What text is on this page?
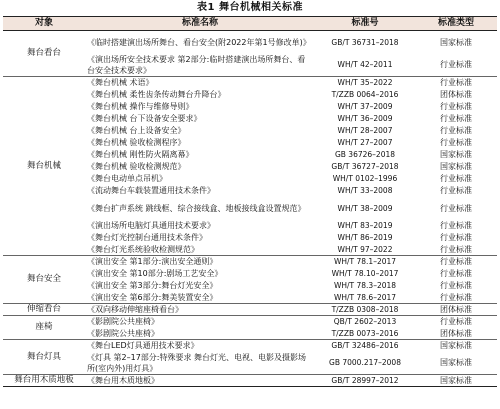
表1 舞台机械相关标准
对象	标准名称	标准号	标准类型
舞台看台	《临时搭建演出场所舞台、看台安全(附2022年第1号修改单)》	GB/T 36731–2018	国家标准
	《演出场所安全技术要求 第2部分:临时搭建演出场所舞台、看台安全技术要求》	WH/T 42–2011	行业标准
舞台机械	《舞台机械 术语》	WH/T 35–2022	行业标准
	《舞台机械 柔性齿条传动舞台升降台》	T/ZZB 0064–2016	团体标准
	《舞台机械 操作与维修导则》	WH/T 37–2009	行业标准
	《舞台机械 台下设备安全要求》	WH/T 36–2009	行业标准
	《舞台机械 台上设备安全》	WH/T 28–2007	行业标准
	《舞台机械 验收检测程序》	WH/T 27–2007	行业标准
	《舞台机械 刚性防火隔离幕》	GB 36726–2018	国家标准
	《舞台机械 验收检测规范》	GB/T 36727–2018	国家标准
	《舞台电动单点吊机》	WH/T 0102–1996	行业标准
	《流动舞台车载装置通用技术条件》	WH/T 33–2008	行业标准
	《舞台扩声系统 跳线框、综合接线盒、地板接线盒设置规范》	WH/T 38–2009	行业标准
	《演出场所电脑灯具通用技术要求》	WH/T 83–2019	行业标准
	《舞台灯光控制台通用技术条件》	WH/T 86–2019	行业标准
	《舞台灯光系统验收检测规范》	WH/T 97–2022	行业标准
舞台安全	《演出安全 第1部分:演出安全通则》	WH/T 78.1–2017	行业标准
	《演出安全 第10部分:剧场工艺安全》	WH/T 78.10–2017	行业标准
	《演出安全 第3部分:舞台灯光安全》	WH/T 78.3–2018	行业标准
	《演出安全 第6部分:舞美装置安全》	WH/T 78.6–2017	行业标准
伸缩看台	《双向移动伸缩座椅看台》	T/ZZB 0308–2018	团体标准
座椅	《影剧院公共座椅》	QB/T 2602–2013	行业标准
	《影剧院公共座椅》	T/ZZB 0073–2016	团体标准
舞台灯具	《舞台LED灯具通用技术要求》	GB/T 32486–2016	国家标准
	《灯具 第2–17部分:特殊要求 舞台灯光、电视、电影及摄影场所(室内外)用灯具》	GB 7000.217–2008	国家标准
舞台用木质地板	《舞台用木质地板》	GB/T 28997–2012	国家标准
